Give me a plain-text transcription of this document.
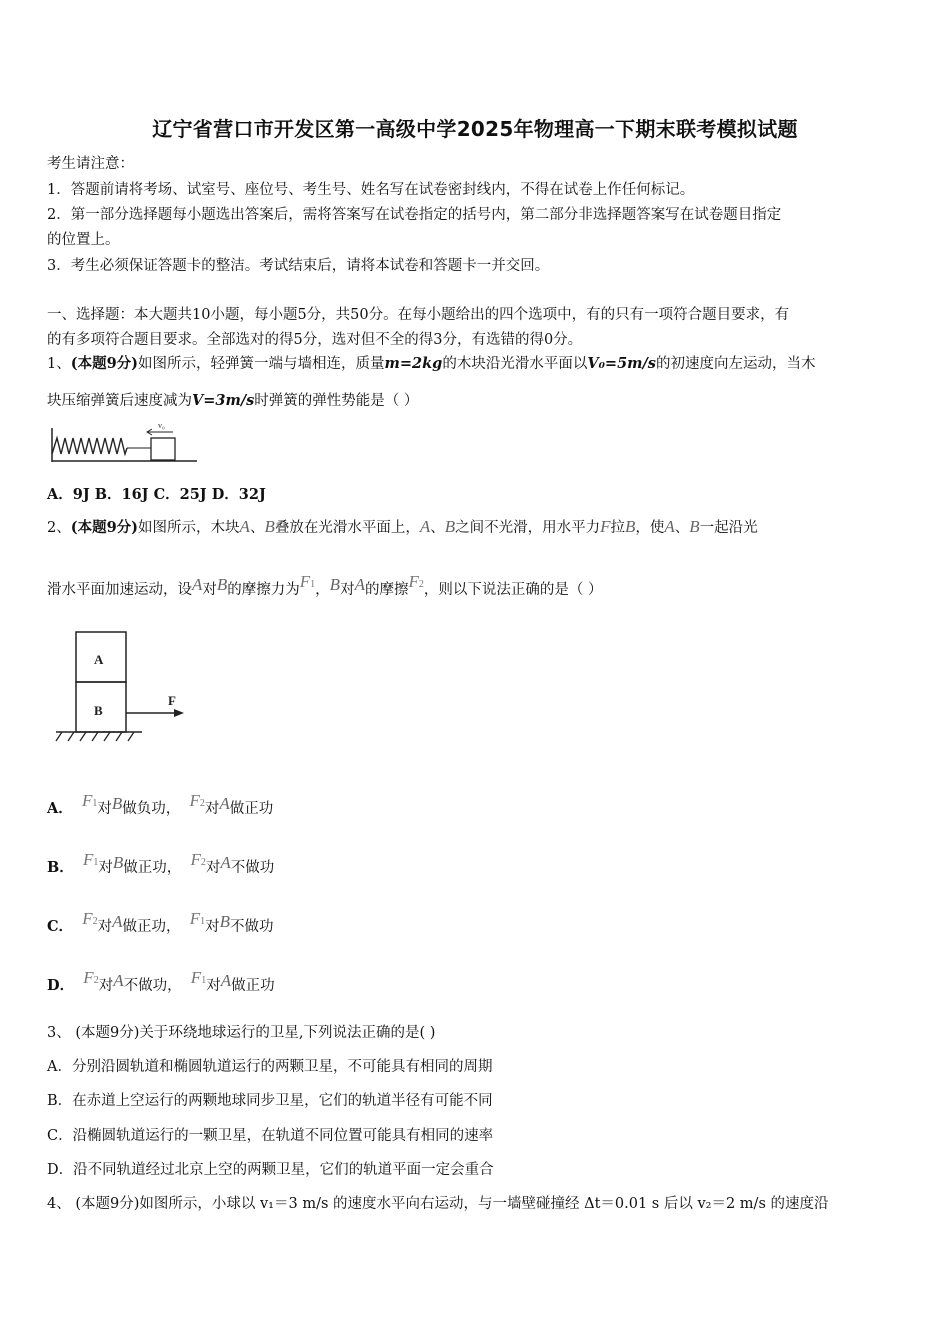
辽宁省营口市开发区第一高级中学2025年物理高一下期末联考模拟试题
考生请注意：
1．答题前请将考场、试室号、座位号、考生号、姓名写在试卷密封线内，不得在试卷上作任何标记。
2．第一部分选择题每小题选出答案后，需将答案写在试卷指定的括号内，第二部分非选择题答案写在试卷题目指定
的位置上。
3．考生必须保证答题卡的整洁。考试结束后，请将本试卷和答题卡一并交回。
一、选择题：本大题共10小题，每小题5分，共50分。在每小题给出的四个选项中，有的只有一项符合题目要求，有
的有多项符合题目要求。全部选对的得5分，选对但不全的得3分，有选错的得0分。
1、(本题9分)如图所示，轻弹簧一端与墙相连，质量m=2kg的木块沿光滑水平面以V₀=5m/s的初速度向左运动，当木
块压缩弹簧后速度减为V=3m/s时弹簧的弹性势能是（ ）
v₀
A．9J B．16J C．25J D．32J
2、(本题9分)如图所示，木块A、B叠放在光滑水平面上，A、B之间不光滑，用水平力F拉B，使A、B一起沿光
滑水平面加速运动，设A对B的摩擦力为F1，B对A的摩擦F2，则以下说法正确的是（ ）
A
B
F
A． F1对B做负功， F2对A做正功
B． F1对B做正功， F2对A不做功
C． F2对A做正功， F1对B不做功
D． F2对A不做功， F1对A做正功
3、 (本题9分)关于环绕地球运行的卫星,下列说法正确的是( )
A．分别沿圆轨道和椭圆轨道运行的两颗卫星，不可能具有相同的周期
B．在赤道上空运行的两颗地球同步卫星，它们的轨道半径有可能不同
C．沿椭圆轨道运行的一颗卫星，在轨道不同位置可能具有相同的速率
D．沿不同轨道经过北京上空的两颗卫星，它们的轨道平面一定会重合
4、 (本题9分)如图所示，小球以 v₁＝3 m/s 的速度水平向右运动，与一墙壁碰撞经 Δt＝0.01 s 后以 v₂＝2 m/s 的速度沿
